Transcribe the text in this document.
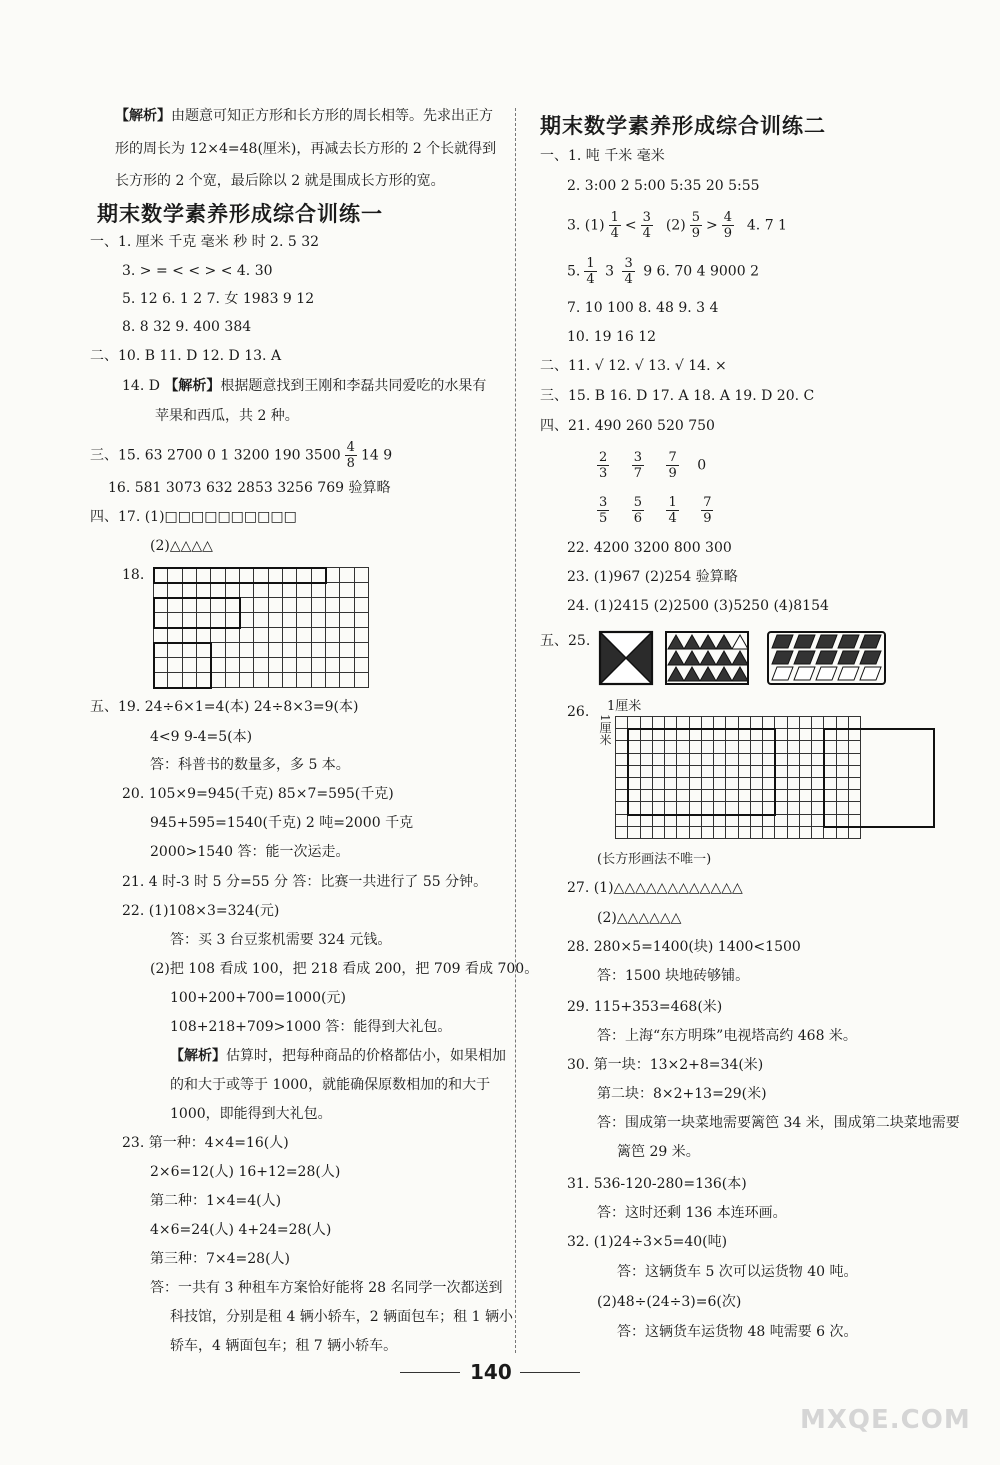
【解析】由题意可知正方形和长方形的周长相等。先求出正方
形的周长为 12×4=48(厘米)，再减去长方形的 2 个长就得到
长方形的 2 个宽，最后除以 2 就是围成长方形的宽。
期末数学素养形成综合训练一
一、1. 厘米 千克 毫米 秒 时 2. 5 32
3. > = < < > < 4. 30
5. 12 6. 1 2 7. 女 1983 9 12
8. 8 32 9. 400 384
二、10. B 11. D 12. D 13. A
14. D 【解析】根据题意找到王刚和李磊共同爱吃的水果有
苹果和西瓜，共 2 种。
三、15. 63 2700 0 1 3200 190 $3500 \frac{4}{8} 14$ 9
16. 581 3073 632 2853 3256 769 验算略
四、17. (1)□□□□□□□□□□
(2)△△△△
18.
五、19. 24÷6×1=4(本) 24÷8×3=9(本)
4<9 9-4=5(本)
答：科普书的数量多，多 5 本。
20. 105×9=945(千克) 85×7=595(千克)
945+595=1540(千克) 2 吨=2000 千克
2000>1540 答：能一次运走。
21. 4 时-3 时 5 分=55 分 答：比赛一共进行了 55 分钟。
22. (1)108×3=324(元)
答：买 3 台豆浆机需要 324 元钱。
(2)把 108 看成 100，把 218 看成 200，把 709 看成 700。
100+200+700=1000(元)
108+218+709>1000 答：能得到大礼包。
【解析】估算时，把每种商品的价格都估小，如果相加
的和大于或等于 1000，就能确保原数相加的和大于
1000，即能得到大礼包。
23. 第一种：4×4=16(人)
2×6=12(人) 16+12=28(人)
第二种：1×4=4(人)
4×6=24(人) 4+24=28(人)
第三种：7×4=28(人)
答：一共有 3 种租车方案恰好能将 28 名同学一次都送到
科技馆，分别是租 4 辆小轿车，2 辆面包车；租 1 辆小
轿车，4 辆面包车；租 7 辆小轿车。
期末数学素养形成综合训练二
一、1. 吨 千米 毫米
2. 3:00 2 5:00 5:35 20 5:55
3. $(1) \frac{1}{4} < \frac{3}{4} (2) \frac{5}{9} > \frac{4}{9} 4$. 7 1
5. $\frac{1}{4} 3 \frac{3}{4} 9$ 6. 70 4 9000 2
7. 10 100 8. 48 9. 3 4
10. 19 16 12
二、11. √ 12. √ 13. √ 14. ×
三、15. B 16. D 17. A 18. A 19. D 20. C
四、21. 490 260 520 750
$\frac{2}{3}$
$\frac{3}{7}$
$\frac{7}{9} 0$
$\frac{3}{5}$
$\frac{5}{6}$
$\frac{1}{4}$
$\frac{7}{9}$
22. 4200 3200 800 300
23. (1)967 (2)254 验算略
24. (1)2415 (2)2500 (3)5250 (4)8154
五、25.
26. 1厘米
1厘米
(长方形画法不唯一)
27. (1)△△△△△△△△△△△△
(2)△△△△△△
28. 280×5=1400(块) 1400<1500
答：1500 块地砖够铺。
29. 115+353=468(米)
答：上海“东方明珠”电视塔高约 468 米。
30. 第一块：13×2+8=34(米)
第二块：8×2+13=29(米)
答：围成第一块菜地需要篱笆 34 米，围成第二块菜地需要
篱笆 29 米。
31. 536-120-280=136(本)
答：这时还剩 136 本连环画。
32. (1)24÷3×5=40(吨)
答：这辆货车 5 次可以运货物 40 吨。
(2)48÷(24÷3)=6(次)
答：这辆货车运货物 48 吨需要 6 次。
140
MXQE.COM
